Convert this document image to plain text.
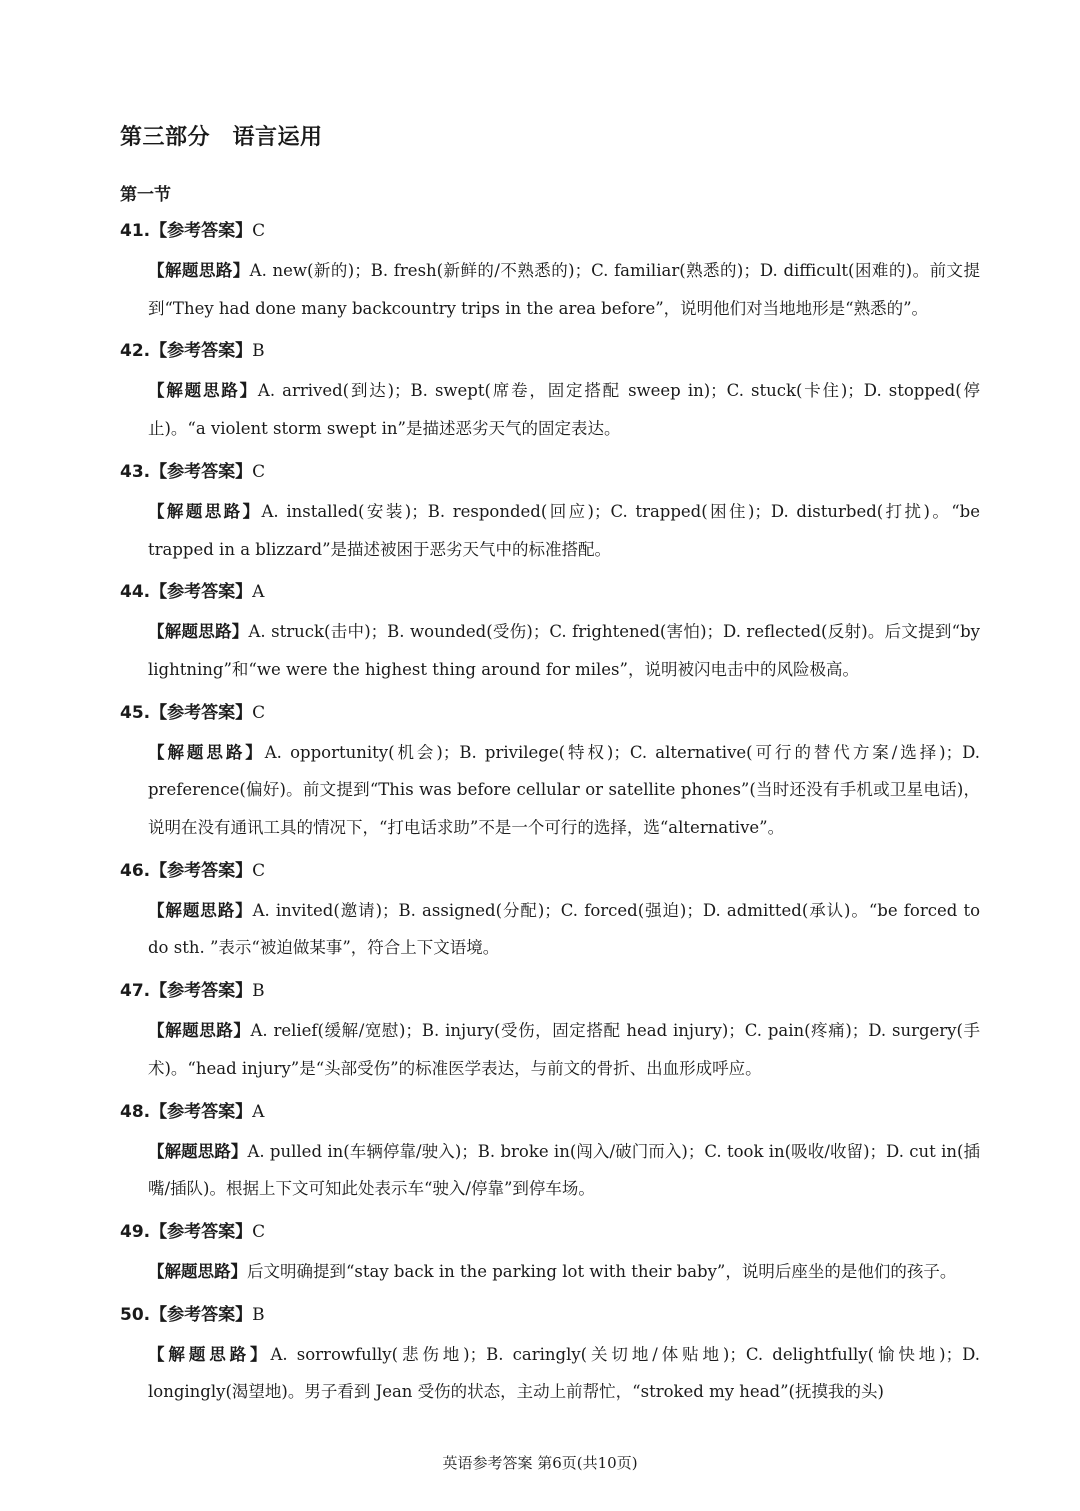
第三部分　语言运用
第一节
41.【参考答案】C
【解题思路】A. new(新的)；B. fresh(新鲜的/不熟悉的)；C. familiar(熟悉的)；D. difficult(困难的)。前文提到“They had done many backcountry trips in the area before”，说明他们对当地地形是“熟悉的”。
42.【参考答案】B
【解题思路】A. arrived(到达)；B. swept(席卷，固定搭配 sweep in)；C. stuck(卡住)；D. stopped(停止)。“a violent storm swept in”是描述恶劣天气的固定表达。
43.【参考答案】C
【解题思路】A. installed(安装)；B. responded(回应)；C. trapped(困住)；D. disturbed(打扰)。“be trapped in a blizzard”是描述被困于恶劣天气中的标准搭配。
44.【参考答案】A
【解题思路】A. struck(击中)；B. wounded(受伤)；C. frightened(害怕)；D. reflected(反射)。后文提到“by lightning”和“we were the highest thing around for miles”，说明被闪电击中的风险极高。
45.【参考答案】C
【解题思路】A. opportunity(机会)；B. privilege(特权)；C. alternative(可行的替代方案/选择)；D. preference(偏好)。前文提到“This was before cellular or satellite phones”(当时还没有手机或卫星电话)，说明在没有通讯工具的情况下，“打电话求助”不是一个可行的选择，选“alternative”。
46.【参考答案】C
【解题思路】A. invited(邀请)；B. assigned(分配)；C. forced(强迫)；D. admitted(承认)。“be forced to do sth. ”表示“被迫做某事”，符合上下文语境。
47.【参考答案】B
【解题思路】A. relief(缓解/宽慰)；B. injury(受伤，固定搭配 head injury)；C. pain(疼痛)；D. surgery(手术)。“head injury”是“头部受伤”的标准医学表达，与前文的骨折、出血形成呼应。
48.【参考答案】A
【解题思路】A. pulled in(车辆停靠/驶入)；B. broke in(闯入/破门而入)；C. took in(吸收/收留)；D. cut in(插嘴/插队)。根据上下文可知此处表示车“驶入/停靠”到停车场。
49.【参考答案】C
【解题思路】后文明确提到“stay back in the parking lot with their baby”，说明后座坐的是他们的孩子。
50.【参考答案】B
【解题思路】A. sorrowfully(悲伤地)；B. caringly(关切地/体贴地)；C. delightfully(愉快地)；D. longingly(渴望地)。男子看到 Jean 受伤的状态，主动上前帮忙，“stroked my head”(抚摸我的头)
英语参考答案 第6页(共10页)
